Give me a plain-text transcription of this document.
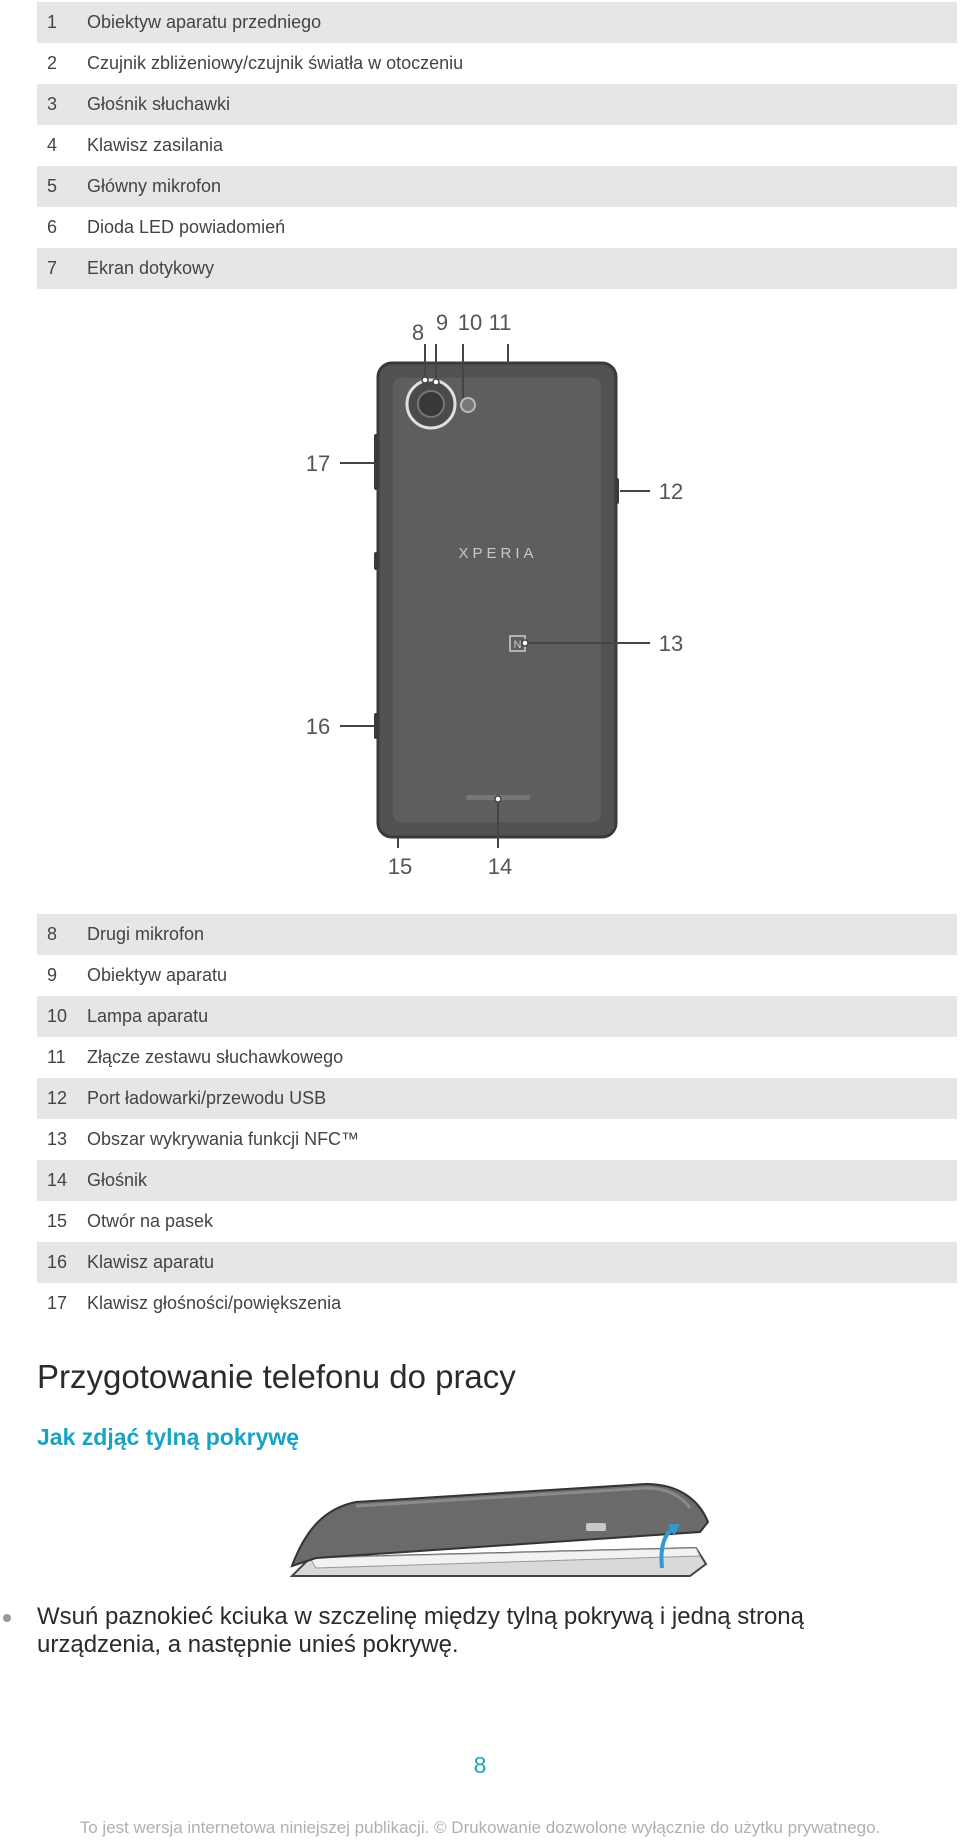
1	Obiektyw aparatu przedniego
2	Czujnik zbliżeniowy/czujnik światła w otoczeniu
3	Głośnik słuchawki
4	Klawisz zasilania
5	Główny mikrofon
6	Dioda LED powiadomień
7	Ekran dotykowy
XPERIA
N
8 9 10 11
17
12
13
16
15	14
8	Drugi mikrofon
9	Obiektyw aparatu
10	Lampa aparatu
11	Złącze zestawu słuchawkowego
12	Port ładowarki/przewodu USB
13	Obszar wykrywania funkcji NFC™
14	Głośnik
15	Otwór na pasek
16	Klawisz aparatu
17	Klawisz głośności/powiększenia
Przygotowanie telefonu do pracy
Jak zdjąć tylną pokrywę
Wsuń paznokieć kciuka w szczelinę między tylną pokrywą i jedną stroną urządzenia, a następnie unieś pokrywę.
8
To jest wersja internetowa niniejszej publikacji. © Drukowanie dozwolone wyłącznie do użytku prywatnego.
